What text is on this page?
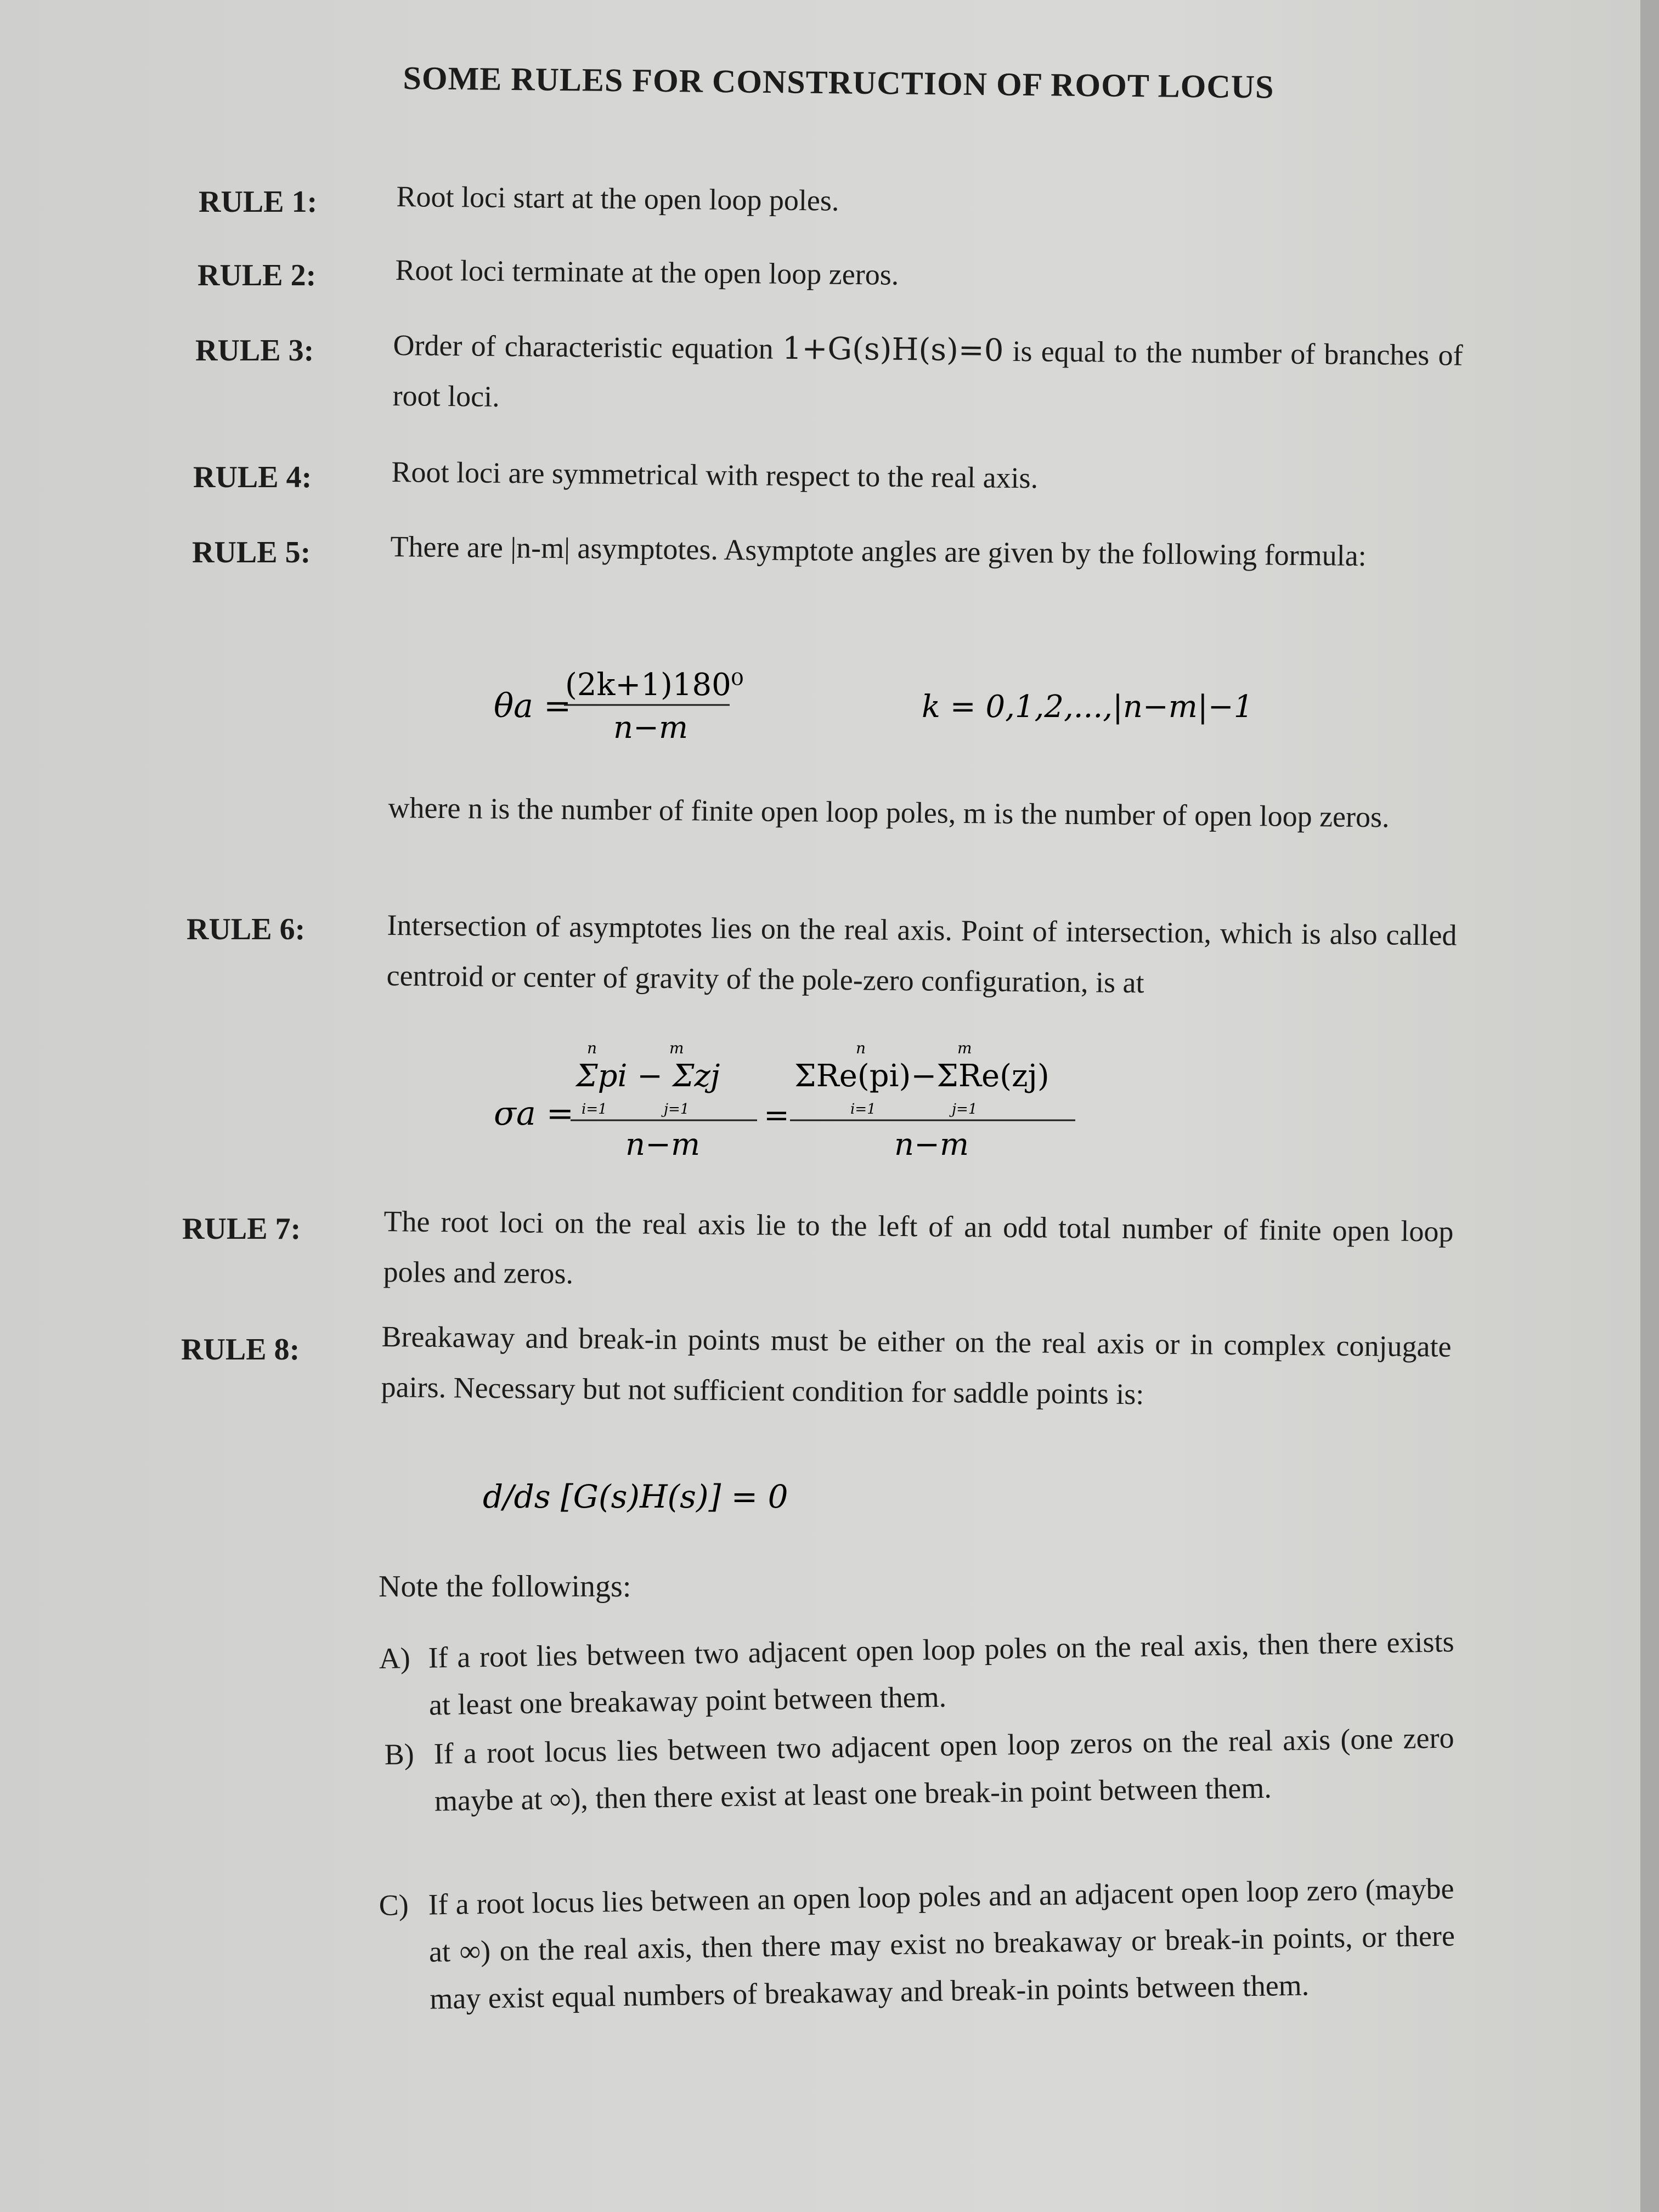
SOME RULES FOR CONSTRUCTION OF ROOT LOCUS
RULE 1:	Root loci start at the open loop poles.
RULE 2:	Root loci terminate at the open loop zeros.
RULE 3:	Order of characteristic equation 1+G(s)H(s)=0 is equal to the number of branches of root loci.
RULE 4:	Root loci are symmetrical with respect to the real axis.
RULE 5:	There are |n-m| asymptotes. Asymptote angles are given by the following formula:
θa =
(2k+1)180⁰
n−m
k = 0,1,2,...,|n−m|−1
where n is the number of finite open loop poles, m is the number of open loop zeros.
RULE 6:	Intersection of asymptotes lies on the real axis. Point of intersection, which is also called centroid or center of gravity of the pole-zero configuration, is at
σa =
n	m
Σpi − Σzj
i=1	j=1
n−m
=
n	m
ΣRe(pi)−ΣRe(zj)
i=1	j=1
n−m
RULE 7:	The root loci on the real axis lie to the left of an odd total number of finite open loop poles and zeros.
RULE 8:	Breakaway and break-in points must be either on the real axis or in complex conjugate pairs. Necessary but not sufficient condition for saddle points is:
d/ds [G(s)H(s)] = 0
Note the followings:
A) If a root lies between two adjacent open loop poles on the real axis, then there exists at least one breakaway point between them.
B) If a root locus lies between two adjacent open loop zeros on the real axis (one zero maybe at ∞), then there exist at least one break-in point between them.
C) If a root locus lies between an open loop poles and an adjacent open loop zero (maybe at ∞) on the real axis, then there may exist no breakaway or break-in points, or there may exist equal numbers of breakaway and break-in points between them.
